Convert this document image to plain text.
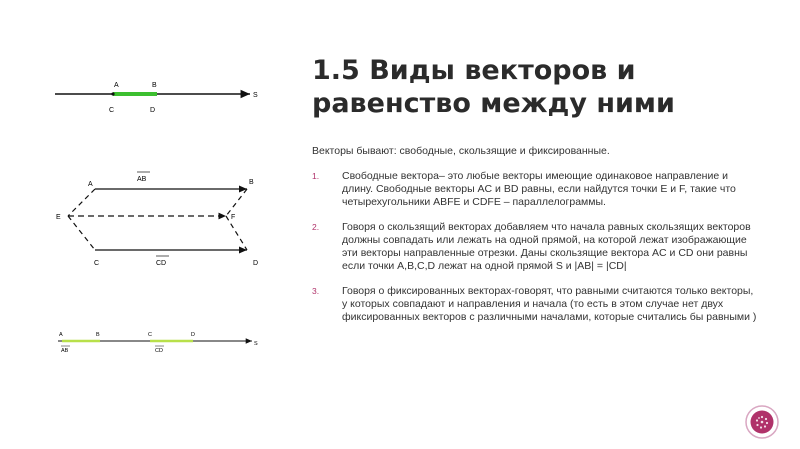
A	B
C	D
S
A	B
E	F
C	D
AB
CD
A	B	C	D
S
AB	CD
1.5 Виды векторов и
равенство между ними
Векторы бывают: свободные, скользящие и фиксированные.
1.	Свободные вектора– это любые векторы имеющие одинаковое направление и длину. Свободные векторы AC и BD равны, если найдутся точки E и F, такие что четырехугольники ABFE и CDFE – параллелограммы.
2.	Говоря о скользящий векторах добавляем что начала равных скользящих векторов должны совпадать или лежать на одной прямой, на которой лежат изображающие эти векторы направленные отрезки. Даны скользящие вектора AC и CD они равны если точки A,B,C,D лежат на одной прямой S и |AB| = |CD|
3.	Говоря о фиксированных векторах-говорят, что равными считаются только векторы, у которых совпадают и направления и начала (то есть в этом случае нет двух фиксированных векторов с различными началами, которые считались бы равными )
